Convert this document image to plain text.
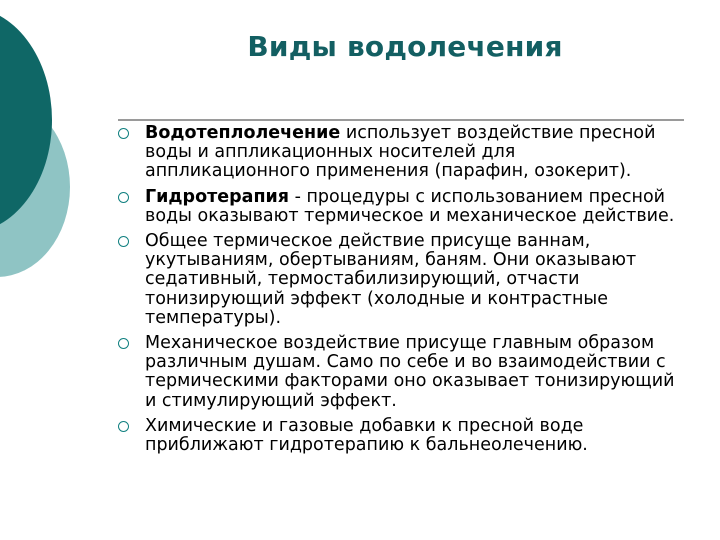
Виды водолечения
Водотеплолечение использует воздействие пресной воды и аппликационных носителей для аппликационного применения (парафин, озокерит).
Гидротерапия - процедуры с использованием пресной воды оказывают термическое и механическое действие.
Общее термическое действие присуще ваннам, укутываниям, обертываниям, баням. Они оказывают седативный, термостабилизирующий, отчасти тонизирующий эффект (холодные и контрастные температуры).
Механическое воздействие присуще главным образом различным душам. Само по себе и во взаимодействии с термическими факторами оно оказывает тонизирующий и стимулирующий эффект.
Химические и газовые добавки к пресной воде приближают гидротерапию к бальнеолечению.
